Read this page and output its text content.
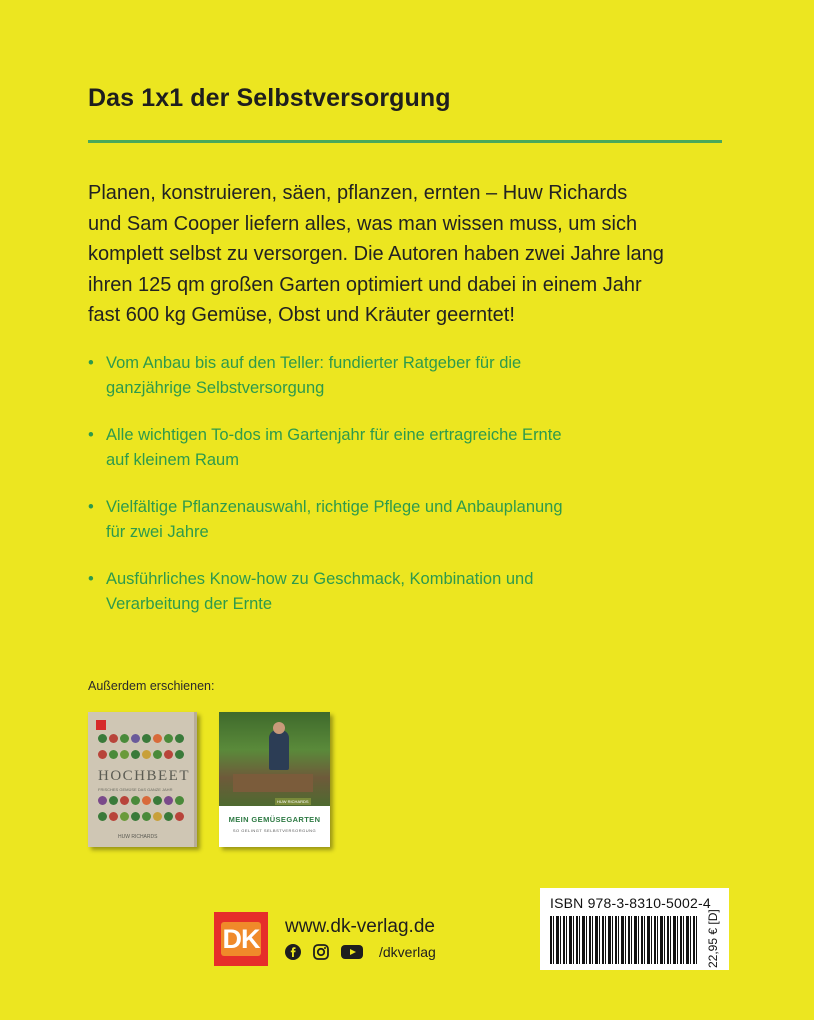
Das 1x1 der Selbstversorgung
Planen, konstruieren, säen, pflanzen, ernten – Huw Richards
und Sam Cooper liefern alles, was man wissen muss, um sich
komplett selbst zu versorgen. Die Autoren haben zwei Jahre lang
ihren 125 qm großen Garten optimiert und dabei in einem Jahr
fast 600 kg Gemüse, Obst und Kräuter geerntet!
• Vom Anbau bis auf den Teller: fundierter Ratgeber für die
ganzjährige Selbstversorgung
• Alle wichtigen To-dos im Gartenjahr für eine ertragreiche Ernte
auf kleinem Raum
• Vielfältige Pflanzenauswahl, richtige Pflege und Anbauplanung
für zwei Jahre
• Ausführliches Know-how zu Geschmack, Kombination und
Verarbeitung der Ernte
Außerdem erschienen:
HOCHBEET
FRISCHES GEMÜSE DAS GANZE JAHR
HUW RICHARDS
HUW RICHARDS
MEIN GEMÜSEGARTEN
SO GELINGT SELBSTVERSORGUNG
DK www.dk-verlag.de
/dkverlag
ISBN 978-3-8310-5002-4
22,95 € [D]
